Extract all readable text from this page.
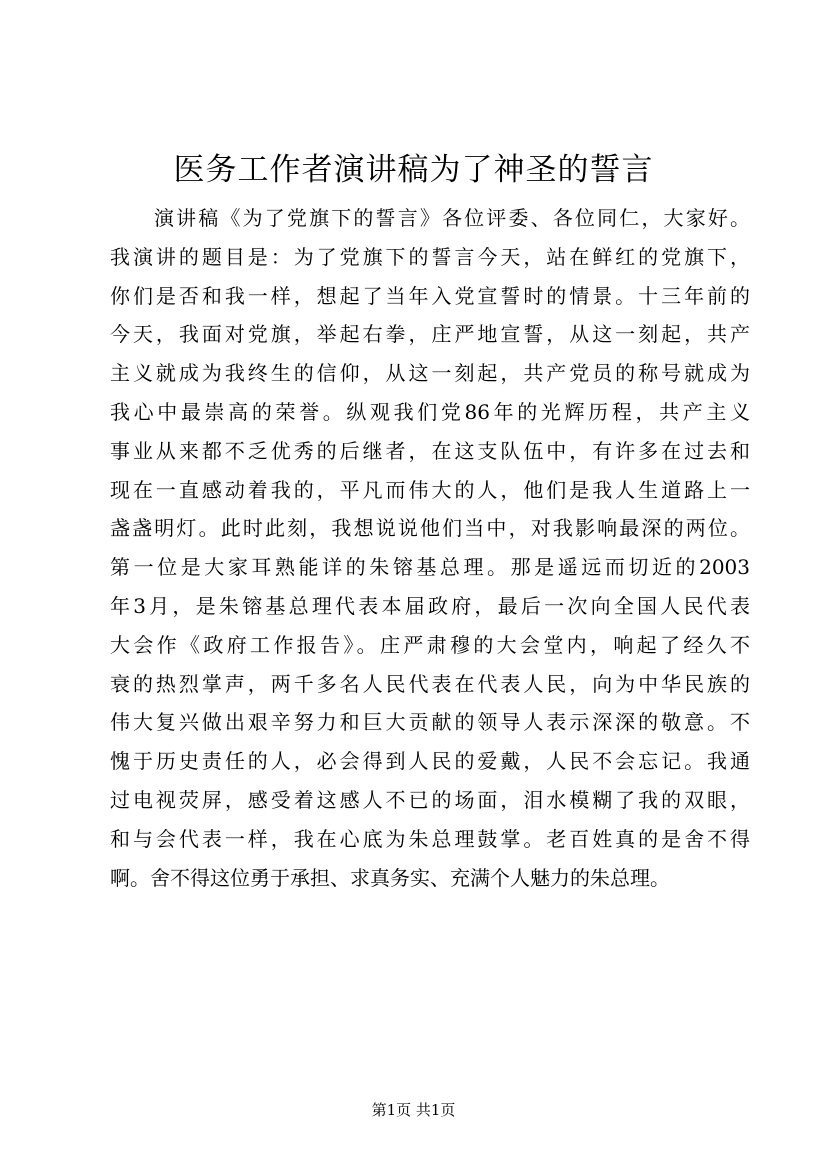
医务工作者演讲稿为了神圣的誓言
演讲稿《为了党旗下的誓言》各位评委、各位同仁，大家好。
我演讲的题目是：为了党旗下的誓言今天，站在鲜红的党旗下，
你们是否和我一样，想起了当年入党宣誓时的情景。十三年前的
今天，我面对党旗，举起右拳，庄严地宣誓，从这一刻起，共产
主义就成为我终生的信仰，从这一刻起，共产党员的称号就成为
我心中最崇高的荣誉。纵观我们党86年的光辉历程，共产主义
事业从来都不乏优秀的后继者，在这支队伍中，有许多在过去和
现在一直感动着我的，平凡而伟大的人，他们是我人生道路上一
盏盏明灯。此时此刻，我想说说他们当中，对我影响最深的两位。
第一位是大家耳熟能详的朱镕基总理。那是遥远而切近的2003
年3月，是朱镕基总理代表本届政府，最后一次向全国人民代表
大会作《政府工作报告》。庄严肃穆的大会堂内，响起了经久不
衰的热烈掌声，两千多名人民代表在代表人民，向为中华民族的
伟大复兴做出艰辛努力和巨大贡献的领导人表示深深的敬意。不
愧于历史责任的人，必会得到人民的爱戴，人民不会忘记。我通
过电视荧屏，感受着这感人不已的场面，泪水模糊了我的双眼，
和与会代表一样，我在心底为朱总理鼓掌。老百姓真的是舍不得
啊。舍不得这位勇于承担、求真务实、充满个人魅力的朱总理。
第1页 共1页
